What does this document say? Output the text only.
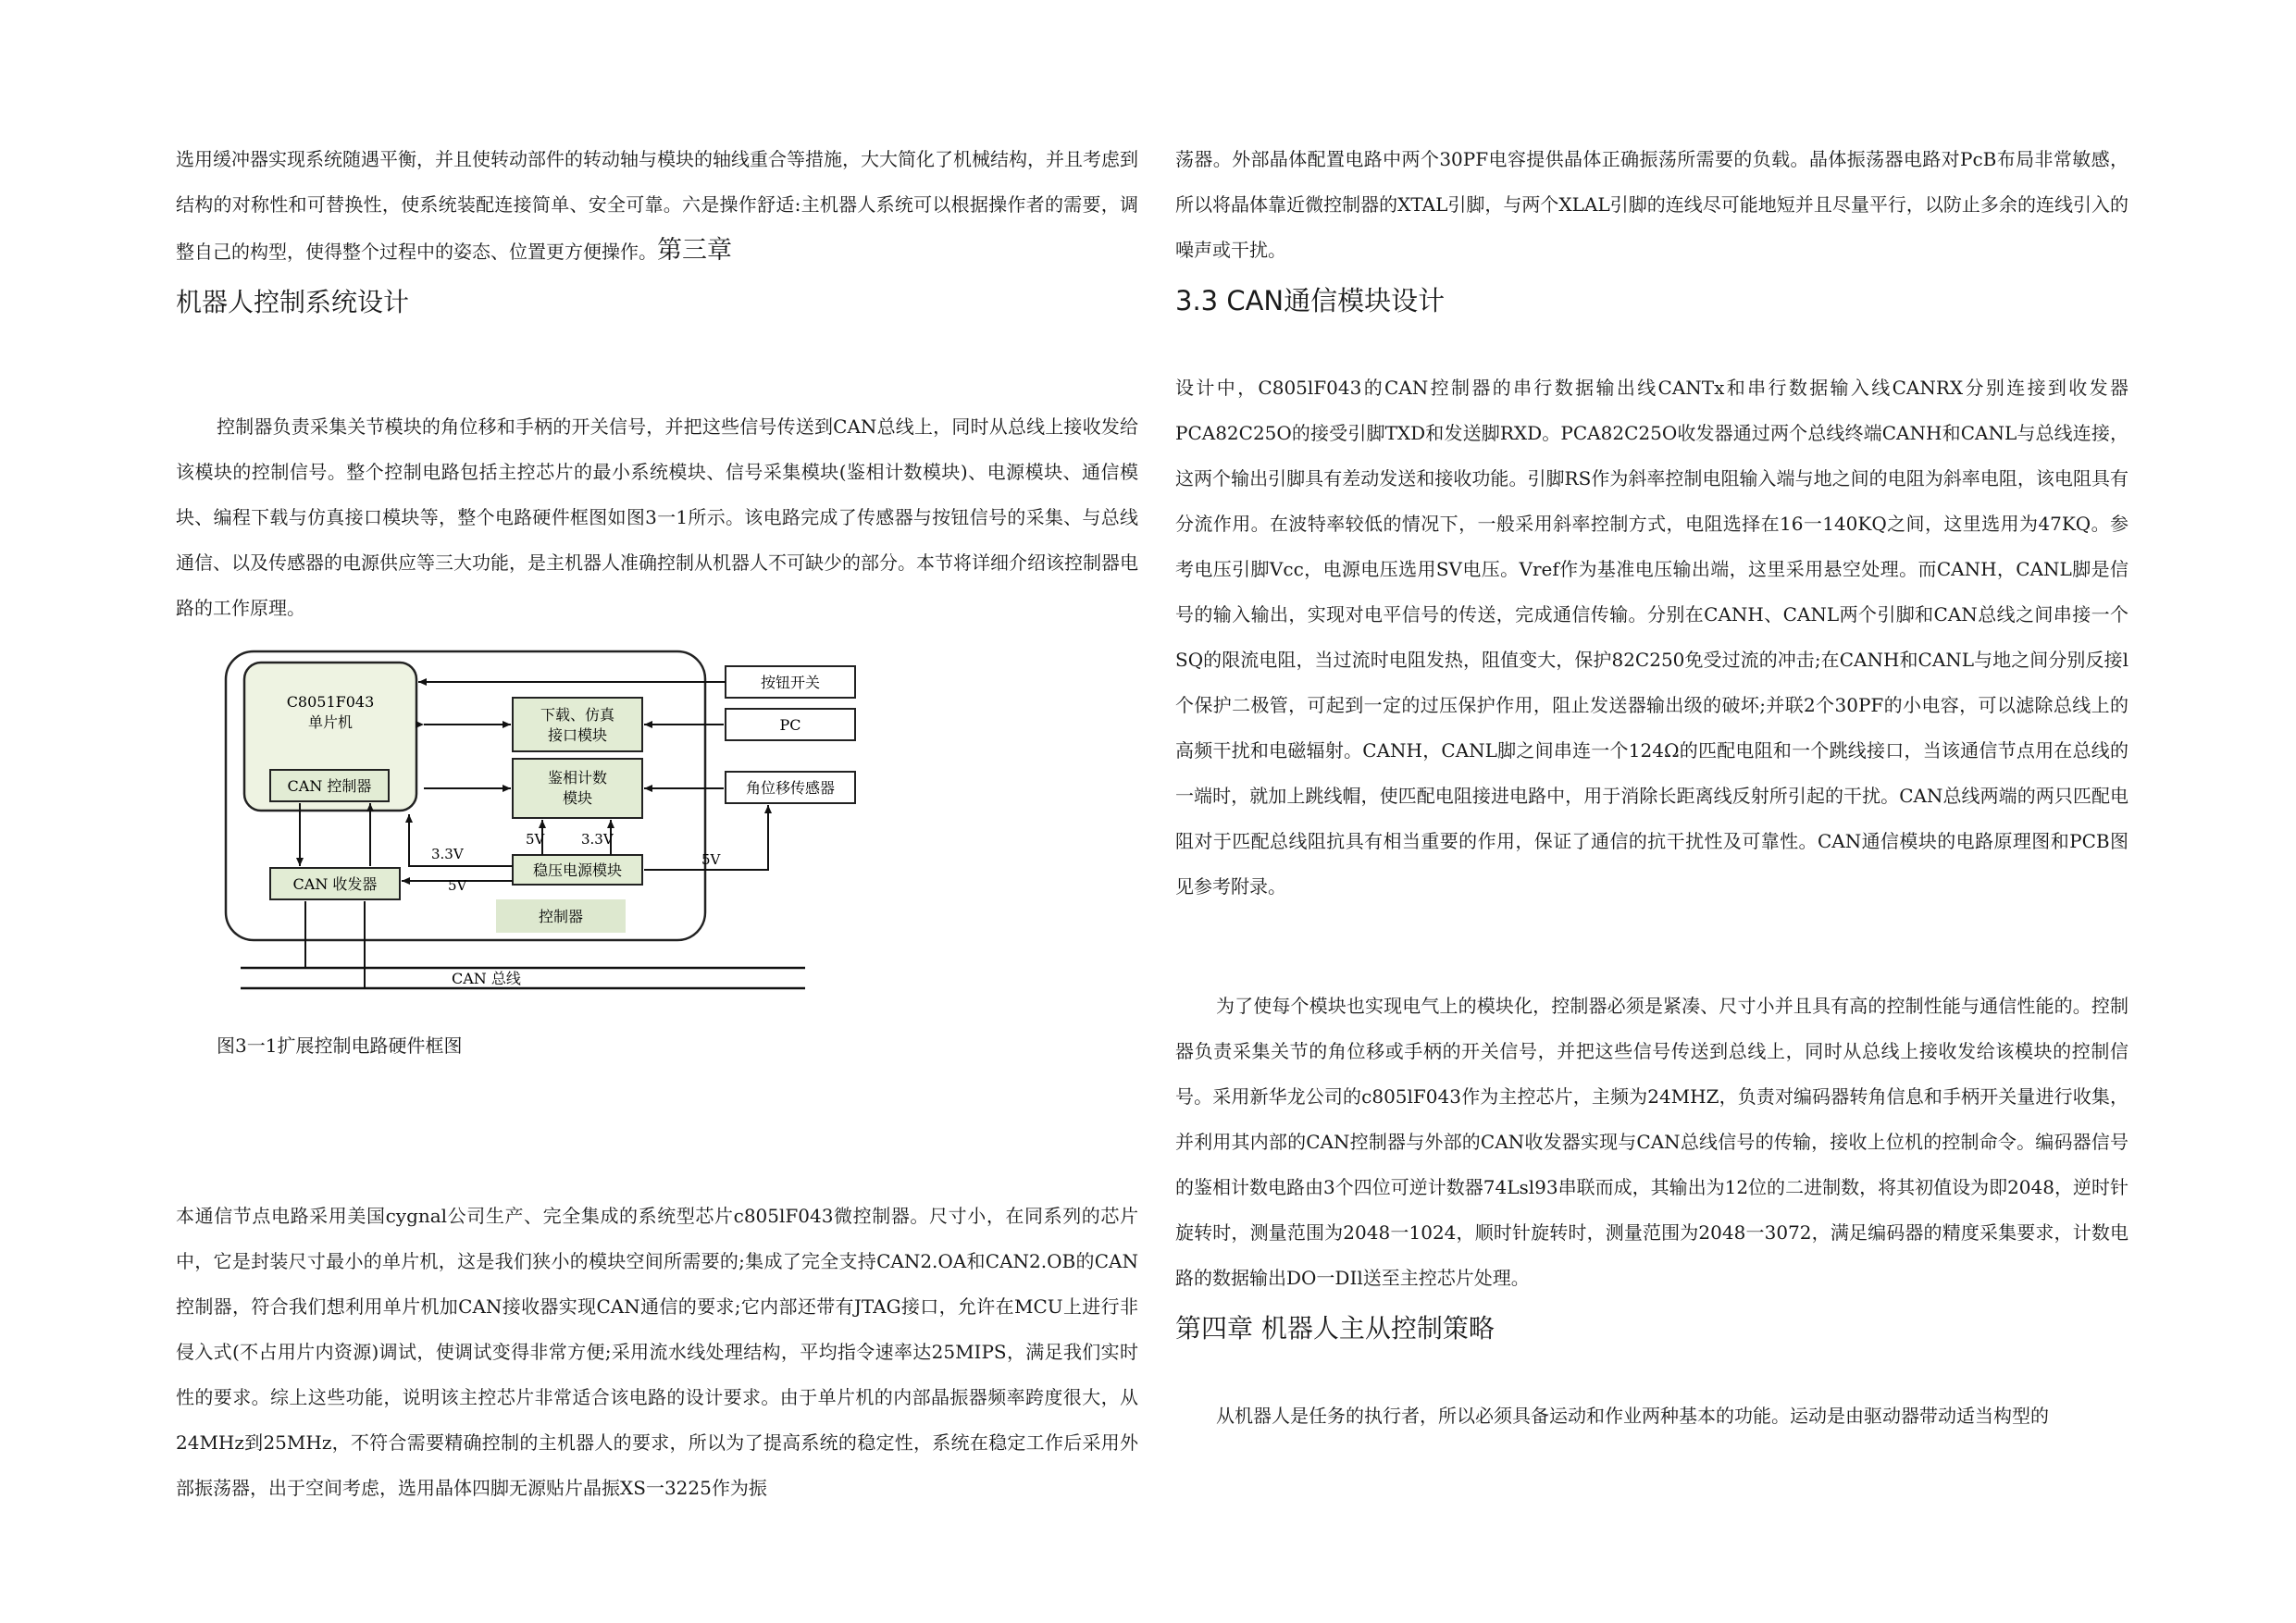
选用缓冲器实现系统随遇平衡，并且使转动部件的转动轴与模块的轴线重合等措施，大大简化了机械结构，并且考虑到结构的对称性和可替换性，使系统装配连接简单、安全可靠。六是操作舒适:主机器人系统可以根据操作者的需要，调整自己的构型，使得整个过程中的姿态、位置更方便操作。第三章

机器人控制系统设计

控制器负责采集关节模块的角位移和手柄的开关信号，并把这些信号传送到CAN总线上，同时从总线上接收发给该模块的控制信号。整个控制电路包括主控芯片的最小系统模块、信号采集模块(鉴相计数模块)、电源模块、通信模块、编程下载与仿真接口模块等，整个电路硬件框图如图3一1所示。该电路完成了传感器与按钮信号的采集、与总线通信、以及传感器的电源供应等三大功能，是主机器人准确控制从机器人不可缺少的部分。本节将详细介绍该控制器电路的工作原理。

C8051F043
单片机
CAN 控制器
下载、仿真
接口模块
鉴相计数
模块
稳压电源模块
CAN 收发器
控制器
按钮开关
PC
角位移传感器
3.3V
5V
5V	3.3V
5V
CAN 总线
图3一1扩展控制电路硬件框图

本通信节点电路采用美国cygnal公司生产、完全集成的系统型芯片c805lF043微控制器。尺寸小，在同系列的芯片中，它是封装尺寸最小的单片机，这是我们狭小的模块空间所需要的;集成了完全支持CAN2.OA和CAN2.OB的CAN控制器，符合我们想利用单片机加CAN接收器实现CAN通信的要求;它内部还带有JTAG接口，允许在MCU上进行非侵入式(不占用片内资源)调试，使调试变得非常方便;采用流水线处理结构，平均指令速率达25MIPS，满足我们实时性的要求。综上这些功能，说明该主控芯片非常适合该电路的设计要求。由于单片机的内部晶振器频率跨度很大，从24MHz到25MHz，不符合需要精确控制的主机器人的要求，所以为了提高系统的稳定性，系统在稳定工作后采用外部振荡器，出于空间考虑，选用晶体四脚无源贴片晶振XS一3225作为振

荡器。外部晶体配置电路中两个30PF电容提供晶体正确振荡所需要的负载。晶体振荡器电路对PcB布局非常敏感，所以将晶体靠近微控制器的XTAL引脚，与两个XLAL引脚的连线尽可能地短并且尽量平行，以防止多余的连线引入的噪声或干扰。

3.3 CAN通信模块设计

设计中，C805lF043的CAN控制器的串行数据输出线CANTx和串行数据输入线CANRX分别连接到收发器PCA82C25O的接受引脚TXD和发送脚RXD。PCA82C25O收发器通过两个总线终端CANH和CANL与总线连接，这两个输出引脚具有差动发送和接收功能。引脚RS作为斜率控制电阻输入端与地之间的电阻为斜率电阻，该电阻具有分流作用。在波特率较低的情况下，一般采用斜率控制方式，电阻选择在16一140KQ之间，这里选用为47KQ。参考电压引脚Vcc，电源电压选用SV电压。Vref作为基准电压输出端，这里采用悬空处理。而CANH，CANL脚是信号的输入输出，实现对电平信号的传送，完成通信传输。分别在CANH、CANL两个引脚和CAN总线之间串接一个SQ的限流电阻，当过流时电阻发热，阻值变大，保护82C250免受过流的冲击;在CANH和CANL与地之间分别反接l个保护二极管，可起到一定的过压保护作用，阻止发送器输出级的破坏;并联2个30PF的小电容，可以滤除总线上的高频干扰和电磁辐射。CANH，CANL脚之间串连一个124Ω的匹配电阻和一个跳线接口，当该通信节点用在总线的一端时，就加上跳线帽，使匹配电阻接进电路中，用于消除长距离线反射所引起的干扰。CAN总线两端的两只匹配电阻对于匹配总线阻抗具有相当重要的作用，保证了通信的抗干扰性及可靠性。CAN通信模块的电路原理图和PCB图见参考附录。

为了使每个模块也实现电气上的模块化，控制器必须是紧凑、尺寸小并且具有高的控制性能与通信性能的。控制器负责采集关节的角位移或手柄的开关信号，并把这些信号传送到总线上，同时从总线上接收发给该模块的控制信号。采用新华龙公司的c805lF043作为主控芯片，主频为24MHZ，负责对编码器转角信息和手柄开关量进行收集，并利用其内部的CAN控制器与外部的CAN收发器实现与CAN总线信号的传输，接收上位机的控制命令。编码器信号的鉴相计数电路由3个四位可逆计数器74Lsl93串联而成，其输出为12位的二进制数，将其初值设为即2048，逆时针旋转时，测量范围为2048一1024，顺时针旋转时，测量范围为2048一3072，满足编码器的精度采集要求，计数电路的数据输出DO一DIl送至主控芯片处理。

第四章 机器人主从控制策略

从机器人是任务的执行者，所以必须具备运动和作业两种基本的功能。运动是由驱动器带动适当构型的
